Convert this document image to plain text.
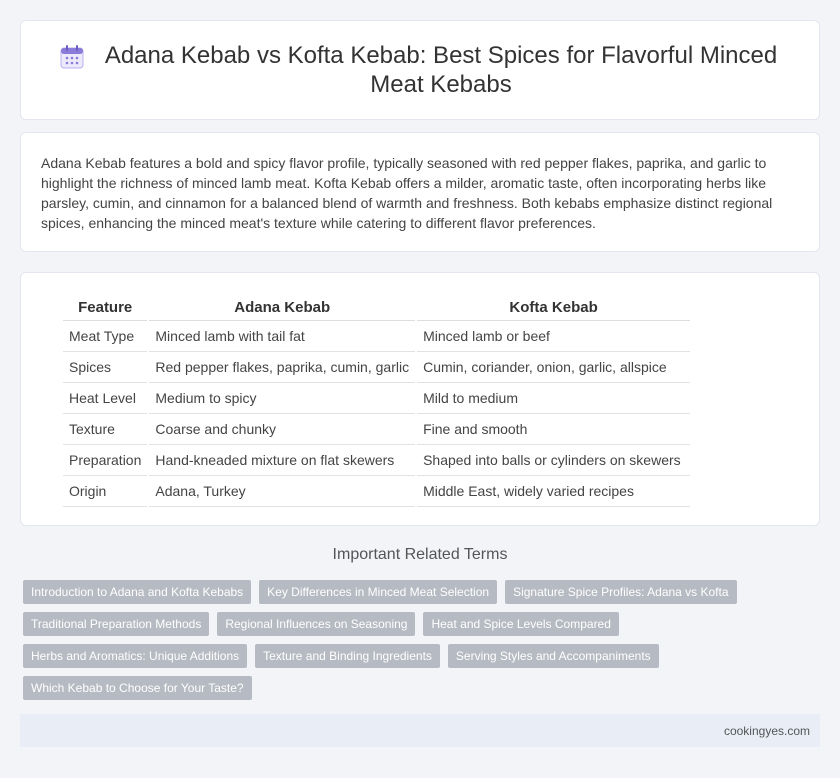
Adana Kebab vs Kofta Kebab: Best Spices for Flavorful Minced Meat Kebabs

Adana Kebab features a bold and spicy flavor profile, typically seasoned with red pepper flakes, paprika, and garlic to highlight the richness of minced lamb meat. Kofta Kebab offers a milder, aromatic taste, often incorporating herbs like parsley, cumin, and cinnamon for a balanced blend of warmth and freshness. Both kebabs emphasize distinct regional spices, enhancing the minced meat's texture while catering to different flavor preferences.

Feature	Adana Kebab	Kofta Kebab
Meat Type	Minced lamb with tail fat	Minced lamb or beef
Spices	Red pepper flakes, paprika, cumin, garlic	Cumin, coriander, onion, garlic, allspice
Heat Level	Medium to spicy	Mild to medium
Texture	Coarse and chunky	Fine and smooth
Preparation	Hand-kneaded mixture on flat skewers	Shaped into balls or cylinders on skewers
Origin	Adana, Turkey	Middle East, widely varied recipes
Important Related Terms
Introduction to Adana and Kofta Kebabs	Key Differences in Minced Meat Selection	Signature Spice Profiles: Adana vs Kofta
Traditional Preparation Methods	Regional Influences on Seasoning	Heat and Spice Levels Compared
Herbs and Aromatics: Unique Additions	Texture and Binding Ingredients	Serving Styles and Accompaniments
Which Kebab to Choose for Your Taste?
cookingyes.com
